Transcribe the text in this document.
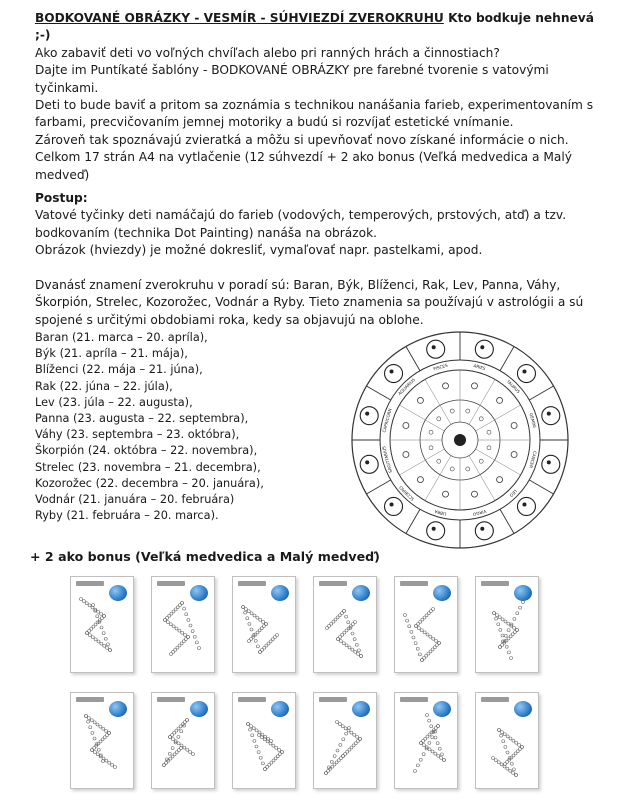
BODKOVANÉ OBRÁZKY - VESMÍR - SÚHVIEZDÍ ZVEROKRUHU Kto bodkuje nehnevá ;-)

Ako zabaviť deti vo voľných chvíľach alebo pri ranných hrách a činnostiach?

Dajte im Puntíkaté šablóny - BODKOVANÉ OBRÁZKY pre farebné tvorenie s vatovými tyčinkami.

Deti to bude baviť a pritom sa zoznámia s technikou nanášania farieb, experimentovaním s farbami, precvičovaním jemnej motoriky a budú si rozvíjať estetické vnímanie.

Zároveň tak spoznávajú zvieratká a môžu si upevňovať novo získané informácie o nich.

Celkom 17 strán A4 na vytlačenie (12 súhvezdí + 2 ako bonus (Veľká medvedica a Malý medveď)

Postup:

Vatové tyčinky deti namáčajú do farieb (vodových, temperových, prstových, atď) a tzv. bodkovaním (technika Dot Painting) nanáša na obrázok.

Obrázok (hviezdy) je možné dokresliť, vymaľovať napr. pastelkami, apod.

Dvanásť znamení zverokruhu v poradí sú: Baran, Býk, Blíženci, Rak, Lev, Panna, Váhy, Škorpión, Strelec, Kozorožec, Vodnár a Ryby. Tieto znamenia sa používajú v astrológii a sú spojené s určitými obdobiami roka, kedy sa objavujú na oblohe.

Baran (21. marca – 20. apríla),
Býk (21. apríla – 21. mája),
Blíženci (22. mája – 21. júna),
Rak (22. júna – 22. júla),
Lev (23. júla – 22. augusta),
Panna (23. augusta – 22. septembra),
Váhy (23. septembra – 23. októbra),
Škorpión (24. októbra – 22. novembra),
Strelec (23. novembra – 21. decembra),
Kozorožec (22. decembra – 20. januára),
Vodnár (21. januára – 20. februára)
Ryby (21. februára – 20. marca).
ARIES
TAURUS
GEMINI
CANCER
LEO
VIRGO
LIBRA
SCORPIO
SAGITTARIUS
CAPRICORN
AQUARIUS
PISCES
+ 2 ako bonus (Veľká medvedica a Malý medveď)
